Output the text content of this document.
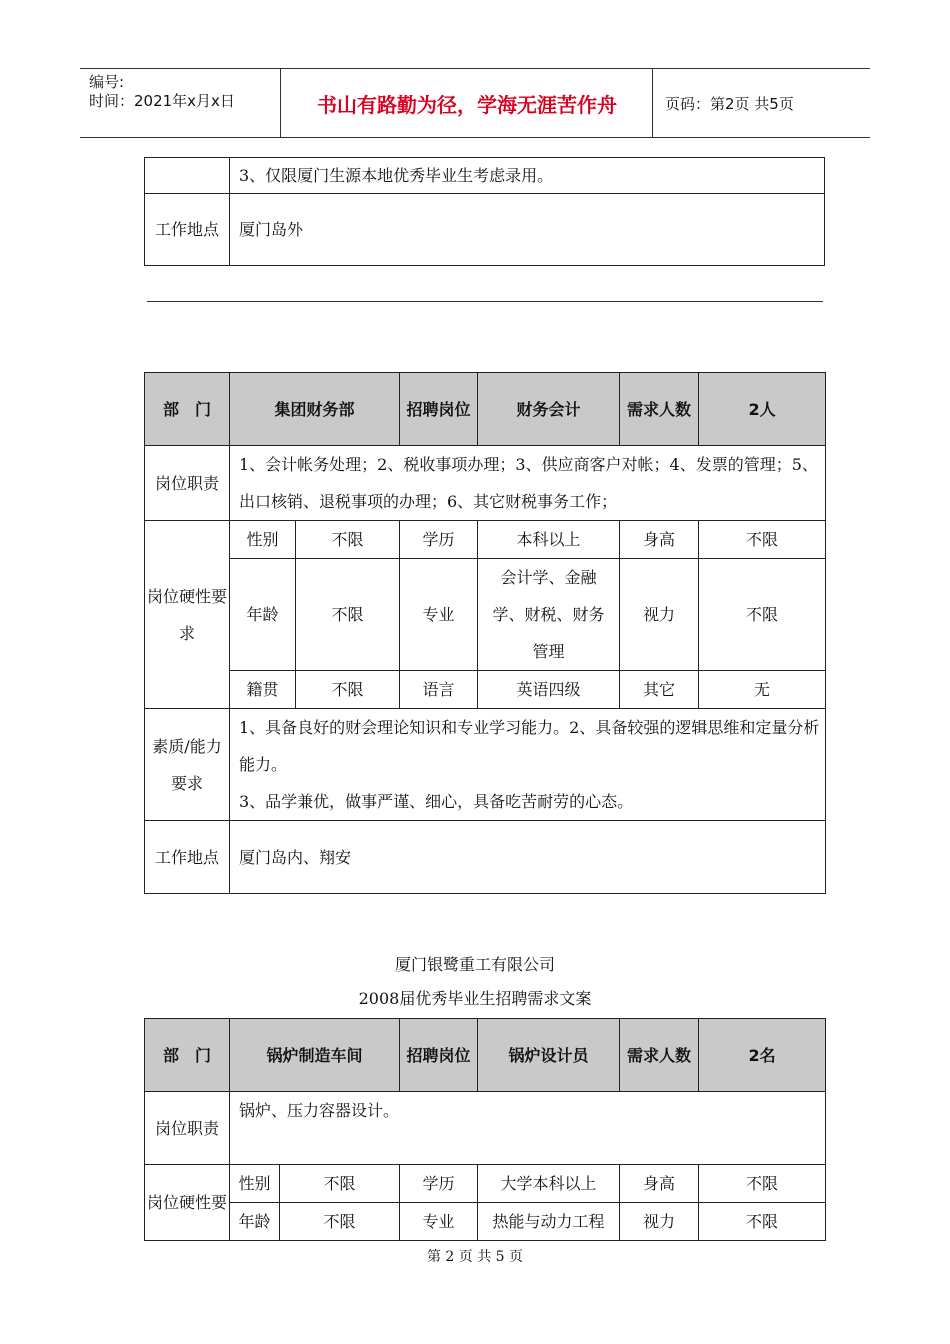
编号:
时间：2021年x月x日	书山有路勤为径，学海无涯苦作舟	页码：第2页 共5页
	3、仅限厦门生源本地优秀毕业生考虑录用。
工作地点	厦门岛外
部　门	集团财务部		招聘岗位	财务会计	需求人数	2人
岗位职责	1、会计帐务处理；2、税收事项办理；3、供应商客户对帐；4、发票的管理；5、出口核销、退税事项的办理；6、其它财税事务工作；					
岗位硬性要求	性别	不限	学历	本科以上	身高	不限
	年龄	不限	专业	会计学、金融学、财税、财务管理	视力	不限
	籍贯	不限	语言	英语四级	其它	无
素质/能力要求	1、具备良好的财会理论知识和专业学习能力。2、具备较强的逻辑思维和定量分析能力。
3、品学兼优，做事严谨、细心，具备吃苦耐劳的心态。					

工作地点	厦门岛内、翔安					
厦门银鹭重工有限公司
2008届优秀毕业生招聘需求文案
部　门	锅炉制造车间		招聘岗位	锅炉设计员	需求人数	2名
岗位职责	锅炉、压力容器设计。					
岗位硬性要	性别	不限	学历	大学本科以上	身高	不限
	年龄	不限	专业	热能与动力工程	视力	不限
第 2 页 共 5 页
